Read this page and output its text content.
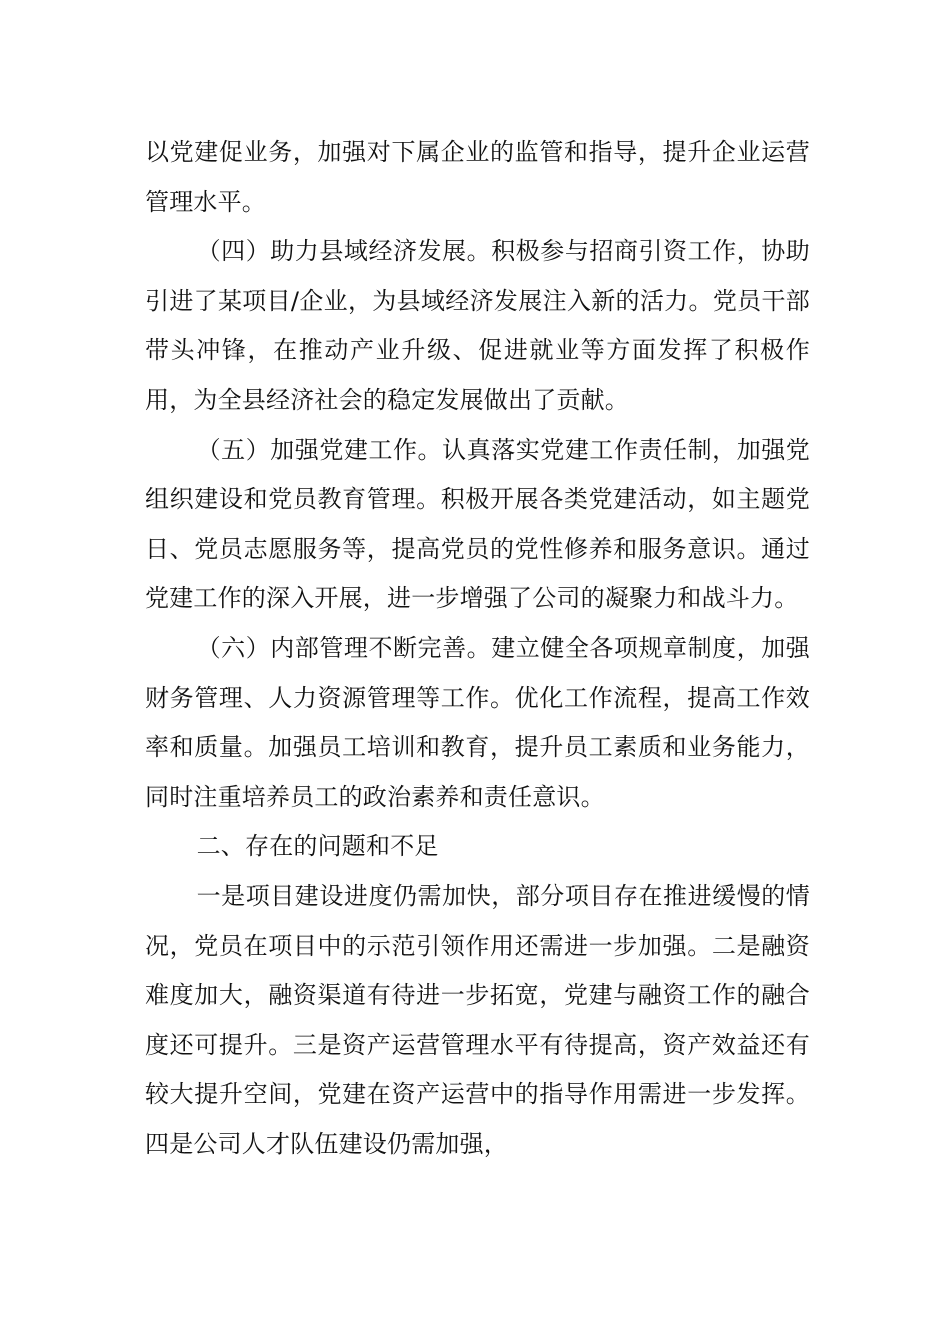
以党建促业务，加强对下属企业的监管和指导，提升企业运营管理水平。

（四）助力县域经济发展。积极参与招商引资工作，协助引进了某项目/企业，为县域经济发展注入新的活力。党员干部带头冲锋，在推动产业升级、促进就业等方面发挥了积极作用，为全县经济社会的稳定发展做出了贡献。

（五）加强党建工作。认真落实党建工作责任制，加强党组织建设和党员教育管理。积极开展各类党建活动，如主题党日、党员志愿服务等，提高党员的党性修养和服务意识。通过党建工作的深入开展，进一步增强了公司的凝聚力和战斗力。

（六）内部管理不断完善。建立健全各项规章制度，加强财务管理、人力资源管理等工作。优化工作流程，提高工作效率和质量。加强员工培训和教育，提升员工素质和业务能力，同时注重培养员工的政治素养和责任意识。

二、存在的问题和不足

一是项目建设进度仍需加快，部分项目存在推进缓慢的情况，党员在项目中的示范引领作用还需进一步加强。二是融资难度加大，融资渠道有待进一步拓宽，党建与融资工作的融合度还可提升。三是资产运营管理水平有待提高，资产效益还有较大提升空间，党建在资产运营中的指导作用需进一步发挥。四是公司人才队伍建设仍需加强，
